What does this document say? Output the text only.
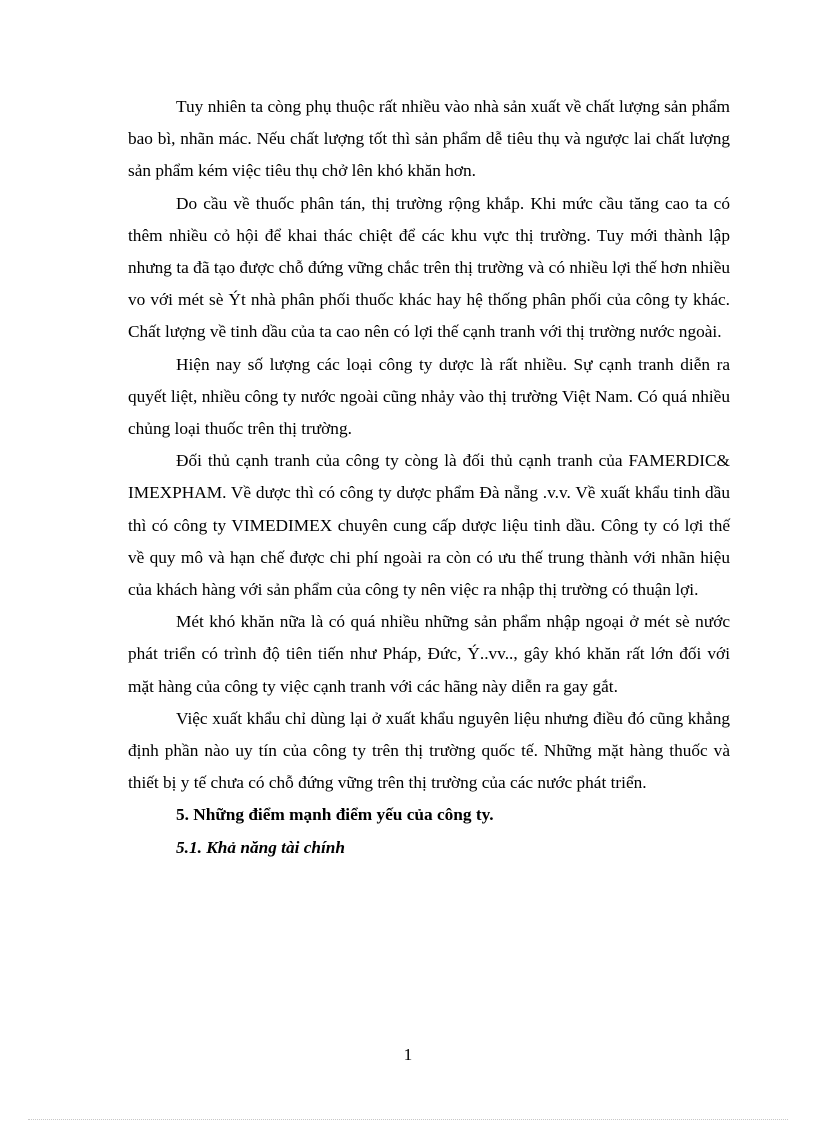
Tuy nhiên ta còng phụ thuộc rất nhiều vào nhà sản xuất về chất lượng sản phẩm bao bì, nhãn mác. Nếu chất lượng tốt thì sản phẩm dễ tiêu thụ và ngược lai chất lượng sản phẩm kém việc tiêu thụ chở lên khó khăn hơn.

Do cầu về thuốc phân tán, thị trường rộng khắp. Khi mức cầu tăng cao ta có thêm nhiều cỏ hội để khai thác chiệt để các khu vực thị trường. Tuy mới thành lập nhưng ta đã tạo được chỗ đứng vững chắc trên thị trường và có nhiều lợi thế hơn nhiều vo với mét sè Ýt nhà phân phối thuốc khác hay hệ thống phân phối của công ty khác. Chất lượng về tinh dầu của ta cao nên có lợi thế cạnh tranh với thị trường nước ngoài.

Hiện nay số lượng các loại công ty dược là rất nhiều. Sự cạnh tranh diễn ra quyết liệt, nhiều công ty nước ngoài cũng nhảy vào thị trường Việt Nam. Có quá nhiều chủng loại thuốc trên thị trường.

Đối thủ cạnh tranh của công ty còng là đối thủ cạnh tranh của FAMERDIC& IMEXPHAM. Về dược thì có công ty dược phẩm Đà nẵng .v.v. Về xuất khẩu tinh dầu thì có công ty VIMEDIMEX chuyên cung cấp dược liệu tinh dầu. Công ty có lợi thế về quy mô và hạn chế được chi phí ngoài ra còn có ưu thế trung thành với nhãn hiệu của khách hàng với sản phẩm của công ty nên việc ra nhập thị trường có thuận lợi.

Mét khó khăn nữa là có quá nhiều những sản phẩm nhập ngoại ở mét sè nước phát triển có trình độ tiên tiến như Pháp, Đức, Ý..vv.., gây khó khăn rất lớn đối với mặt hàng của công ty việc cạnh tranh với các hãng này diễn ra gay gắt.

Việc xuất khẩu chỉ dùng lại ở xuất khẩu nguyên liệu nhưng điều đó cũng khẳng định phần nào uy tín của công ty trên thị trường quốc tế. Những mặt hàng thuốc và thiết bị y tế chưa có chỗ đứng vững trên thị trường của các nước phát triển.

5. Những điểm mạnh điểm yếu của công ty.

5.1. Khả năng tài chính

1
